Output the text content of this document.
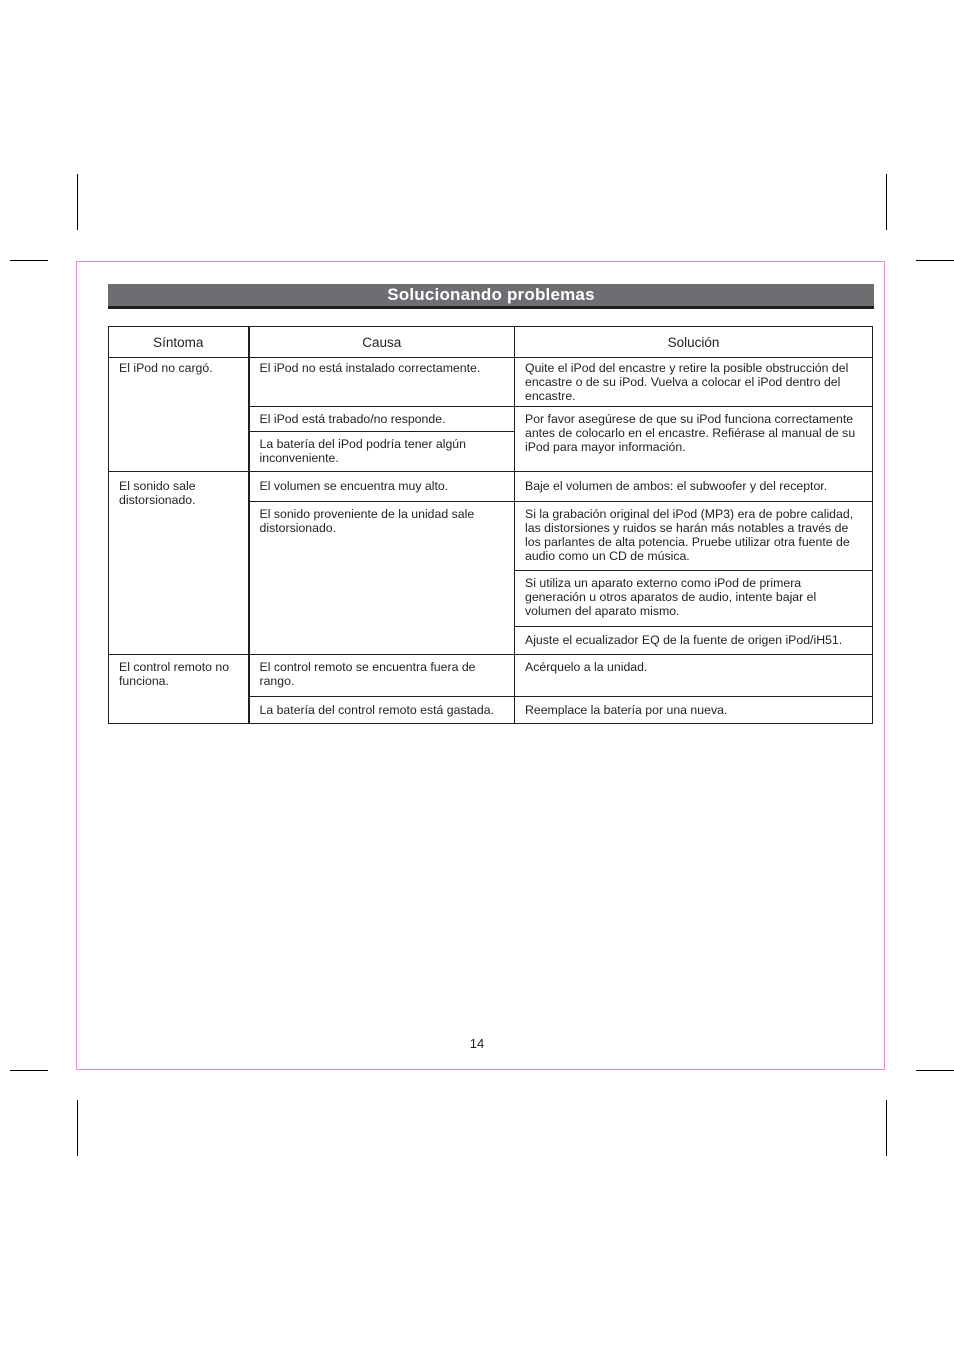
Solucionando problemas
Síntoma	Causa	Solución
El iPod no cargó.	El iPod no está instalado correctamente.	Quite el iPod del encastre y retire la posible obstrucción del encastre o de su iPod. Vuelva a colocar el iPod dentro del encastre.
	El iPod está trabado/no responde.	Por favor asegúrese de que su iPod funciona correctamente antes de colocarlo en el encastre. Refiérase al manual de su iPod para mayor información.
	La batería del iPod podría tener algún inconveniente.	
El sonido sale distorsionado.	El volumen se encuentra muy alto.	Baje el volumen de ambos: el subwoofer y del receptor.
	El sonido proveniente de la unidad sale distorsionado.	Si la grabación original del iPod (MP3) era de pobre calidad, las distorsiones y ruidos se harán más notables a través de los parlantes de alta potencia. Pruebe utilizar otra fuente de audio como un CD de música.
		Si utiliza un aparato externo como iPod de primera generación u otros aparatos de audio, intente bajar el volumen del aparato mismo.
		Ajuste el ecualizador EQ de la fuente de origen iPod/iH51.
El control remoto no funciona.	El control remoto se encuentra fuera de rango.	Acérquelo a la unidad.
	La batería del control remoto está gastada.	Reemplace la batería por una nueva.
14
